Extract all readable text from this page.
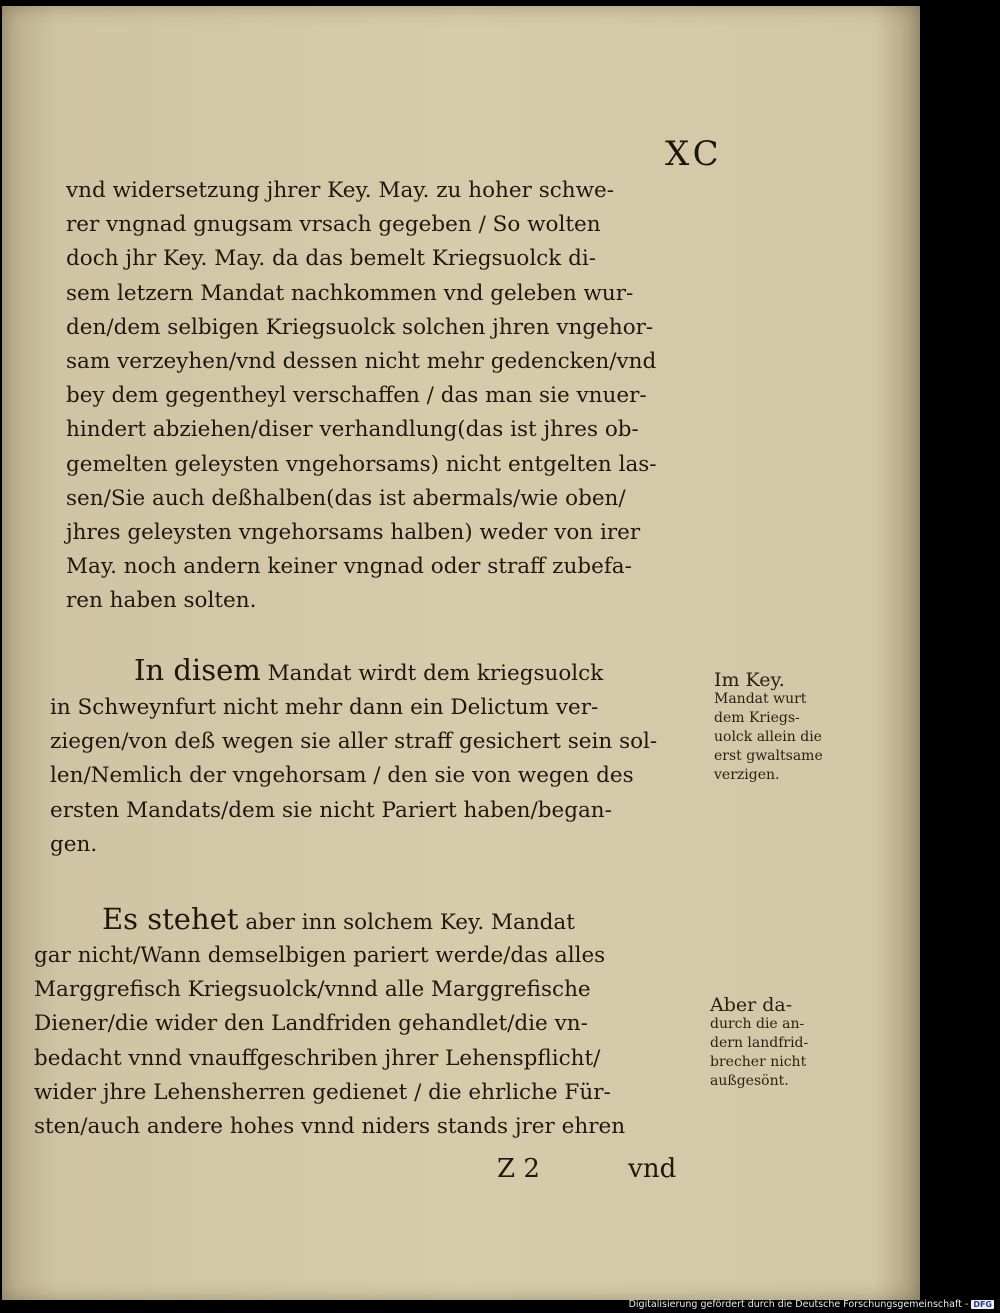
XC
vnd widersetzung jhrer Key. May. zu hoher schwe-
rer vngnad gnugsam vrsach gegeben / So wolten
doch jhr Key. May. da das bemelt Kriegsuolck di-
sem letzern Mandat nachkommen vnd geleben wur-
den/dem selbigen Kriegsuolck solchen jhren vngehor-
sam verzeyhen/vnd dessen nicht mehr gedencken/vnd
bey dem gegentheyl verschaffen / das man sie vnuer-
hindert abziehen/diser verhandlung(das ist jhres ob-
gemelten geleysten vngehorsams) nicht entgelten las-
sen/Sie auch deßhalben(das ist abermals/wie oben/
jhres geleysten vngehorsams halben) weder von irer
May. noch andern keiner vngnad oder straff zubefa-
ren haben solten.
In disem Mandat wirdt dem kriegsuolck
in Schweynfurt nicht mehr dann ein Delictum ver-
ziegen/von deß wegen sie aller straff gesichert sein sol-
len/Nemlich der vngehorsam / den sie von wegen des
ersten Mandats/dem sie nicht Pariert haben/began-
gen.
Es stehet aber inn solchem Key. Mandat
gar nicht/Wann demselbigen pariert werde/das alles
Marggrefisch Kriegsuolck/vnnd alle Marggrefische
Diener/die wider den Landfriden gehandlet/die vn-
bedacht vnnd vnauffgeschriben jhrer Lehenspflicht/
wider jhre Lehensherren gedienet / die ehrliche Für-
sten/auch andere hohes vnnd niders stands jrer ehren
Im Key.
Mandat wurt
dem Kriegs-
uolck allein die
erst gwaltsame
verzigen.
Aber da-
durch die an-
dern landfrid-
brecher nicht
außgesönt.
Z 2	vnd
Digitalisierung gefördert durch die Deutsche Forschungsgemeinschaft - DFG
